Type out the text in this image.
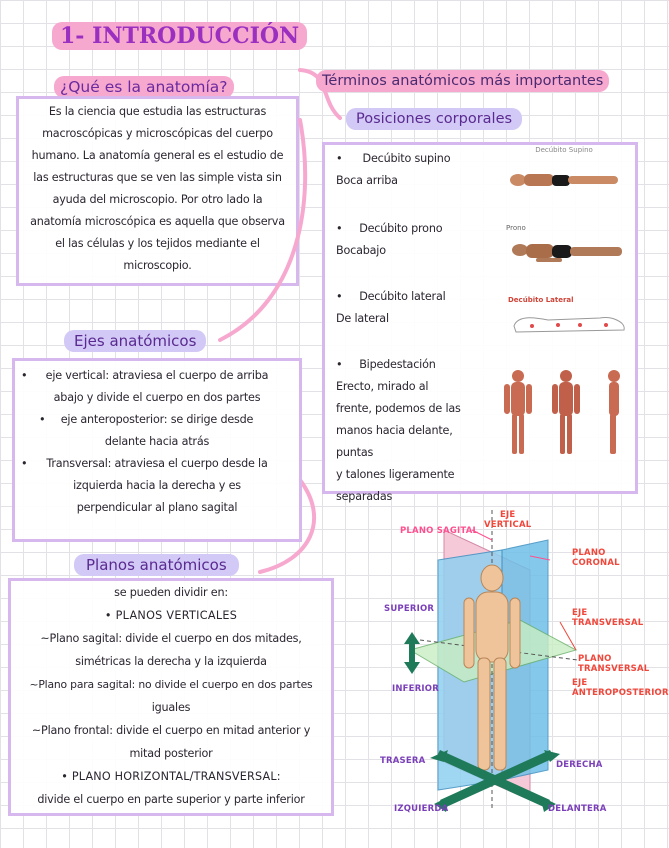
1- INTRODUCCIÓN
¿Qué es la anatomía?
Es la ciencia que estudia las estructuras
macroscópicas y microscópicas del cuerpo
humano. La anatomía general es el estudio de
las estructuras que se ven las simple vista sin
ayuda del microscopio. Por otro lado la
anatomía microscópica es aquella que observa
el las células y los tejidos mediante el
microscopio.
Términos anatómicos más importantes
Posiciones corporales
• Decúbito supino
Boca arriba
Decúbito Supino
• Decúbito prono
Bocabajo
Prono
• Decúbito lateral
De lateral
Decúbito Lateral
• Bipedestación
Erecto, mirado al
frente, podemos de las
manos hacia delante, puntas
y talones ligeramente
separadas
Ejes anatómicos
•	eje vertical: atraviesa el cuerpo de arriba
abajo y divide el cuerpo en dos partes
•	eje anteroposterior: se dirige desde
delante hacia atrás
•	Transversal: atraviesa el cuerpo desde la
izquierda hacia la derecha y es
perpendicular al plano sagital
Planos anatómicos
se pueden dividir en:
• PLANOS VERTICALES
~Plano sagital: divide el cuerpo en dos mitades,
simétricas la derecha y la izquierda
~Plano para sagital: no divide el cuerpo en dos partes
iguales
~Plano frontal: divide el cuerpo en mitad anterior y
mitad posterior
• PLANO HORIZONTAL/TRANSVERSAL:
divide el cuerpo en parte superior y parte inferior
EJE
VERTICAL
PLANO SAGITAL
PLANO
CORONAL
SUPERIOR	EJE
TRANSVERSAL
PLANO
TRANSVERSAL
EJE
ANTEROPOSTERIOR
INFERIOR
TRASERA	DERECHA
IZQUIERDA	DELANTERA
